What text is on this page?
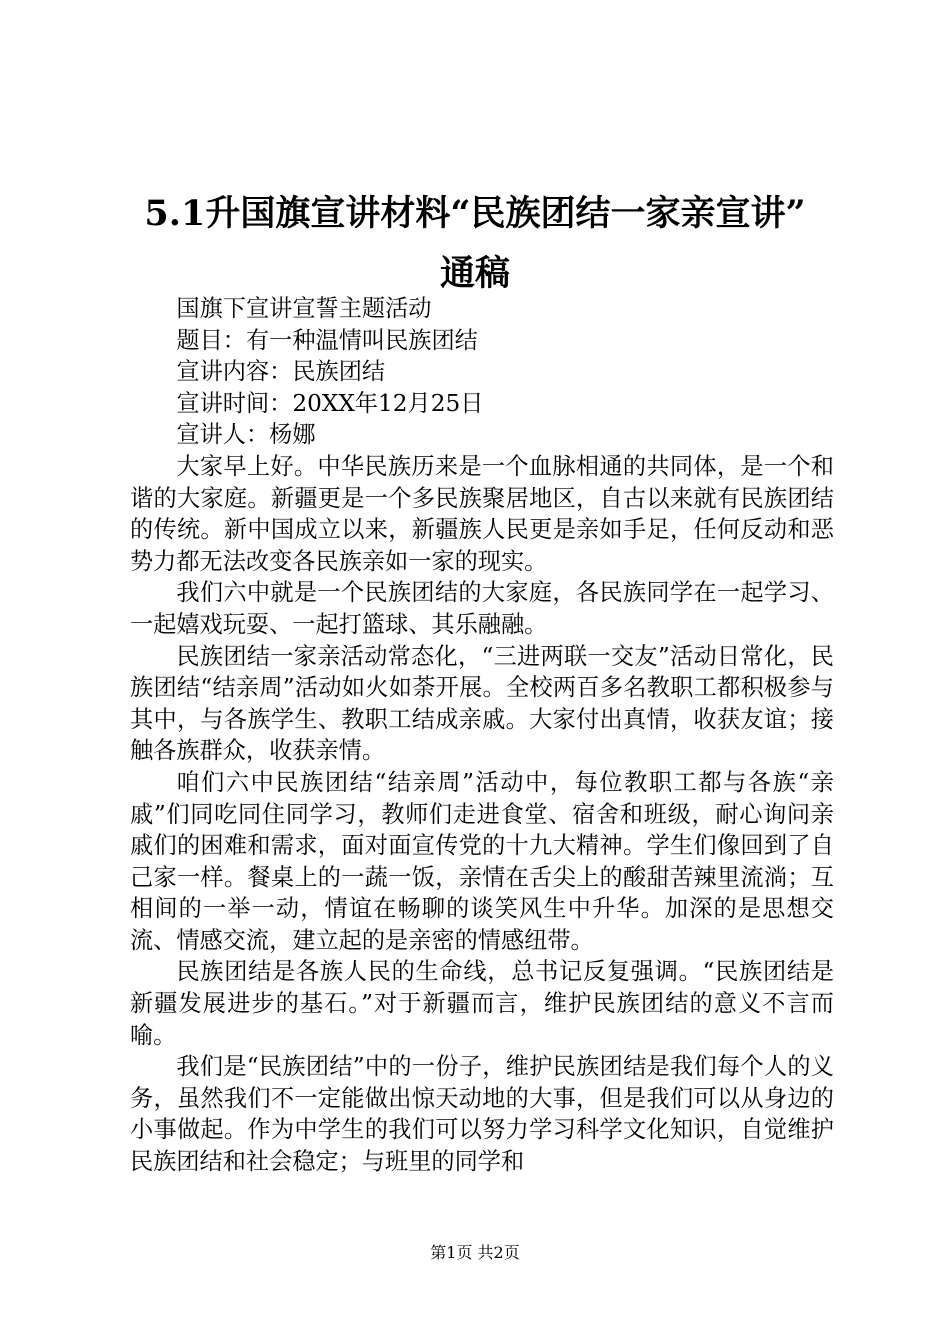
5.1升国旗宣讲材料“民族团结一家亲宣讲”
通稿

国旗下宣讲宣誓主题活动

题目：有一种温情叫民族团结

宣讲内容：民族团结

宣讲时间：20XX年12月25日

宣讲人：杨娜

大家早上好。中华民族历来是一个血脉相通的共同体，是一个和谐的大家庭。新疆更是一个多民族聚居地区，自古以来就有民族团结的传统。新中国成立以来，新疆族人民更是亲如手足，任何反动和恶势力都无法改变各民族亲如一家的现实。

我们六中就是一个民族团结的大家庭，各民族同学在一起学习、一起嬉戏玩耍、一起打篮球、其乐融融。

民族团结一家亲活动常态化，“三进两联一交友”活动日常化，民族团结“结亲周”活动如火如荼开展。全校两百多名教职工都积极参与其中，与各族学生、教职工结成亲戚。大家付出真情，收获友谊；接触各族群众，收获亲情。

咱们六中民族团结“结亲周”活动中，每位教职工都与各族“亲戚”们同吃同住同学习，教师们走进食堂、宿舍和班级，耐心询问亲戚们的困难和需求，面对面宣传党的十九大精神。学生们像回到了自己家一样。餐桌上的一蔬一饭，亲情在舌尖上的酸甜苦辣里流淌；互相间的一举一动，情谊在畅聊的谈笑风生中升华。加深的是思想交流、情感交流，建立起的是亲密的情感纽带。

民族团结是各族人民的生命线，总书记反复强调。“民族团结是新疆发展进步的基石。”对于新疆而言，维护民族团结的意义不言而喻。

我们是“民族团结”中的一份子，维护民族团结是我们每个人的义务，虽然我们不一定能做出惊天动地的大事，但是我们可以从身边的小事做起。作为中学生的我们可以努力学习科学文化知识，自觉维护民族团结和社会稳定；与班里的同学和

第1页 共2页
